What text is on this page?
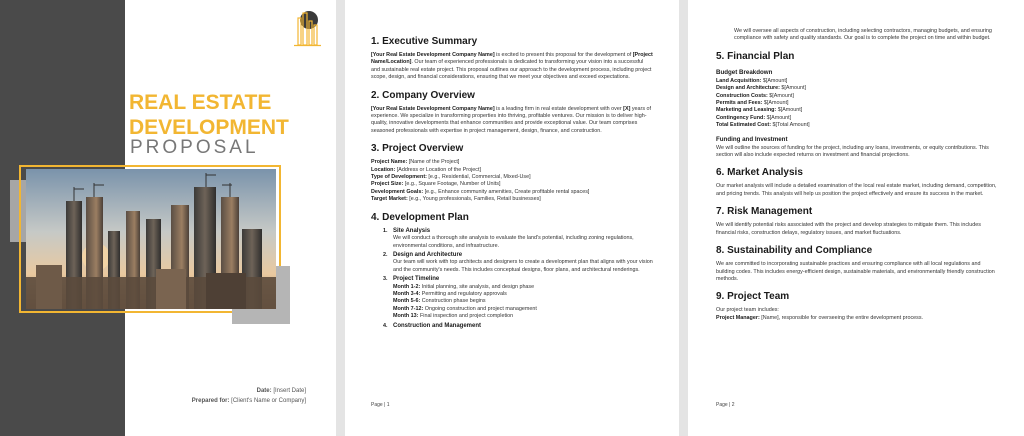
REAL ESTATE
DEVELOPMENT
PROPOSAL
Date: [Insert Date]
Prepared for: [Client's Name or Company]
1. Executive Summary

[Your Real Estate Development Company Name] is excited to present this proposal for the development of [Project Name/Location]. Our team of experienced professionals is dedicated to transforming your vision into a successful and sustainable real estate project. This proposal outlines our approach to the development process, including project scope, design, and financial considerations, ensuring that we meet your objectives and exceed expectations.

2. Company Overview

[Your Real Estate Development Company Name] is a leading firm in real estate development with over [X] years of experience. We specialize in transforming properties into thriving, profitable ventures. Our mission is to deliver high-quality, innovative developments that enhance communities and provide exceptional value. Our team comprises seasoned professionals with expertise in project management, design, finance, and construction.

3. Project Overview

Project Name: [Name of the Project]

Location: [Address or Location of the Project]

Type of Development: [e.g., Residential, Commercial, Mixed-Use]

Project Size: [e.g., Square Footage, Number of Units]

Development Goals: [e.g., Enhance community amenities, Create profitable rental spaces]

Target Market: [e.g., Young professionals, Families, Retail businesses]

4. Development Plan
1. Site Analysis

We will conduct a thorough site analysis to evaluate the land's potential, including zoning regulations, environmental conditions, and infrastructure.

2. Design and Architecture

Our team will work with top architects and designers to create a development plan that aligns with your vision and the community's needs. This includes conceptual designs, floor plans, and architectural renderings.

3. Project Timeline

Month 1-2: Initial planning, site analysis, and design phase

Month 3-4: Permitting and regulatory approvals

Month 5-6: Construction phase begins

Month 7-12: Ongoing construction and project management

Month 13: Final inspection and project completion

4. Construction and Management
Page | 1

We will oversee all aspects of construction, including selecting contractors, managing budgets, and ensuring compliance with safety and quality standards. Our goal is to complete the project on time and within budget.

5. Financial Plan
Budget Breakdown

Land Acquisition: $[Amount]

Design and Architecture: $[Amount]

Construction Costs: $[Amount]

Permits and Fees: $[Amount]

Marketing and Leasing: $[Amount]

Contingency Fund: $[Amount]

Total Estimated Cost: $[Total Amount]

Funding and Investment

We will outline the sources of funding for the project, including any loans, investments, or equity contributions. This section will also include expected returns on investment and financial projections.

6. Market Analysis

Our market analysis will include a detailed examination of the local real estate market, including demand, competition, and pricing trends. This analysis will help us position the project effectively and ensure its success in the market.

7. Risk Management

We will identify potential risks associated with the project and develop strategies to mitigate them. This includes financial risks, construction delays, regulatory issues, and market fluctuations.

8. Sustainability and Compliance

We are committed to incorporating sustainable practices and ensuring compliance with all local regulations and building codes. This includes energy-efficient design, sustainable materials, and environmentally friendly construction methods.

9. Project Team

Our project team includes:

Project Manager: [Name], responsible for overseeing the entire development process.

Page | 2
